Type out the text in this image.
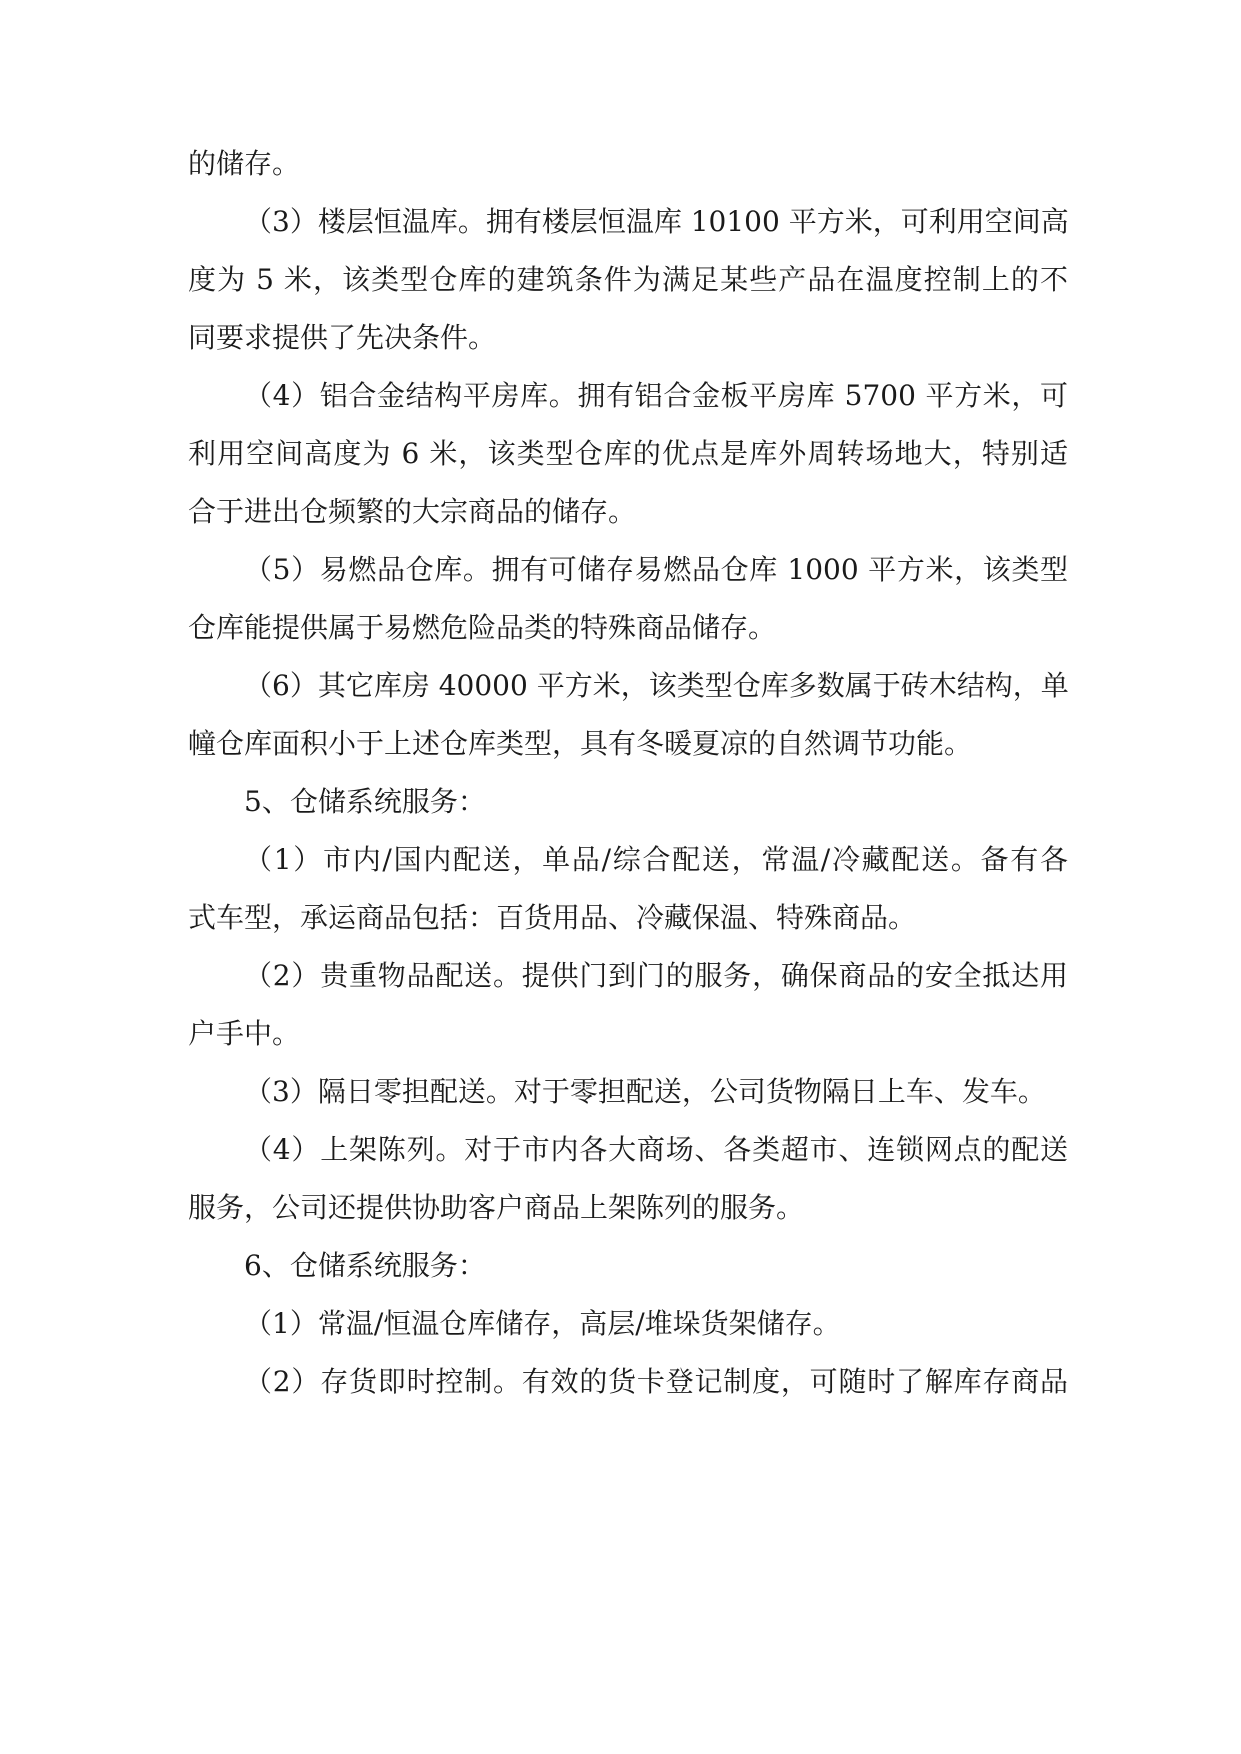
的储存。

（3）楼层恒温库。拥有楼层恒温库 10100 平方米，可利用空间高

度为 5 米，该类型仓库的建筑条件为满足某些产品在温度控制上的不

同要求提供了先决条件。

（4）铝合金结构平房库。拥有铝合金板平房库 5700 平方米，可

利用空间高度为 6 米，该类型仓库的优点是库外周转场地大，特别适

合于进出仓频繁的大宗商品的储存。

（5）易燃品仓库。拥有可储存易燃品仓库 1000 平方米，该类型

仓库能提供属于易燃危险品类的特殊商品储存。

（6）其它库房 40000 平方米，该类型仓库多数属于砖木结构，单

幢仓库面积小于上述仓库类型，具有冬暖夏凉的自然调节功能。

5、仓储系统服务：

（1）市内/国内配送，单品/综合配送，常温/冷藏配送。备有各

式车型，承运商品包括：百货用品、冷藏保温、特殊商品。

（2）贵重物品配送。提供门到门的服务，确保商品的安全抵达用

户手中。

（3）隔日零担配送。对于零担配送，公司货物隔日上车、发车。

（4）上架陈列。对于市内各大商场、各类超市、连锁网点的配送

服务，公司还提供协助客户商品上架陈列的服务。

6、仓储系统服务：

（1）常温/恒温仓库储存，高层/堆垛货架储存。

（2）存货即时控制。有效的货卡登记制度，可随时了解库存商品
